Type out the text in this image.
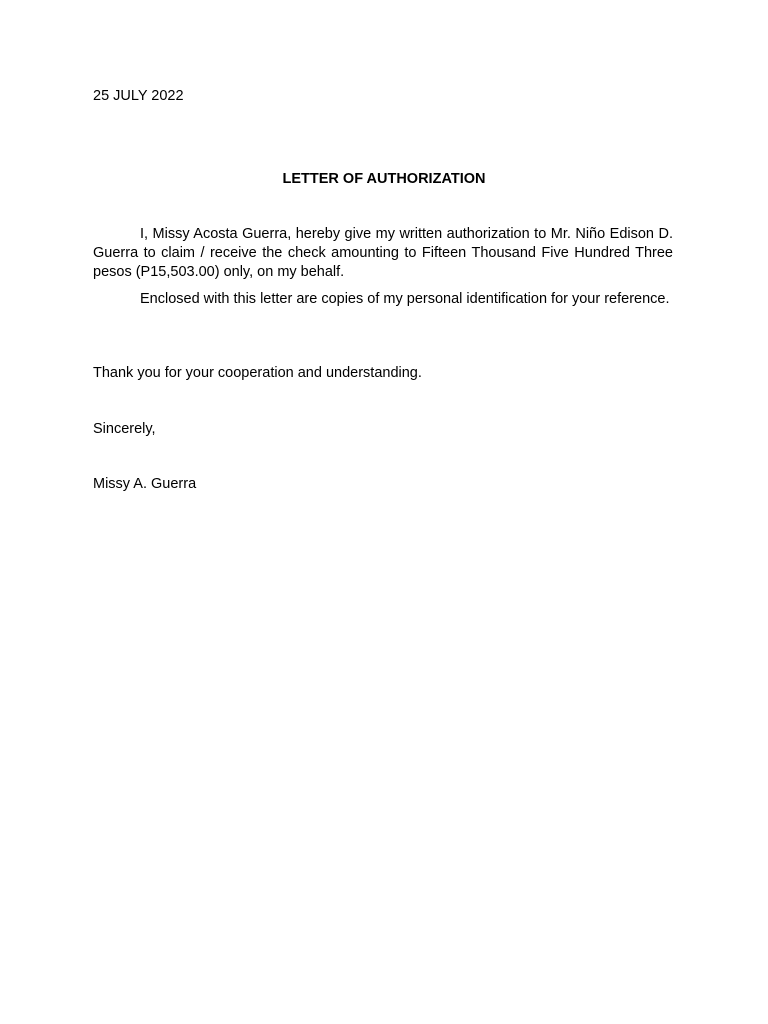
25 JULY 2022
LETTER OF AUTHORIZATION

I, Missy Acosta Guerra, hereby give my written authorization to Mr. Niño Edison D. Guerra to claim / receive the check amounting to Fifteen Thousand Five Hundred Three pesos (P15,503.00) only, on my behalf.

Enclosed with this letter are copies of my personal identification for your reference.

Thank you for your cooperation and understanding.

Sincerely,

Missy A. Guerra
